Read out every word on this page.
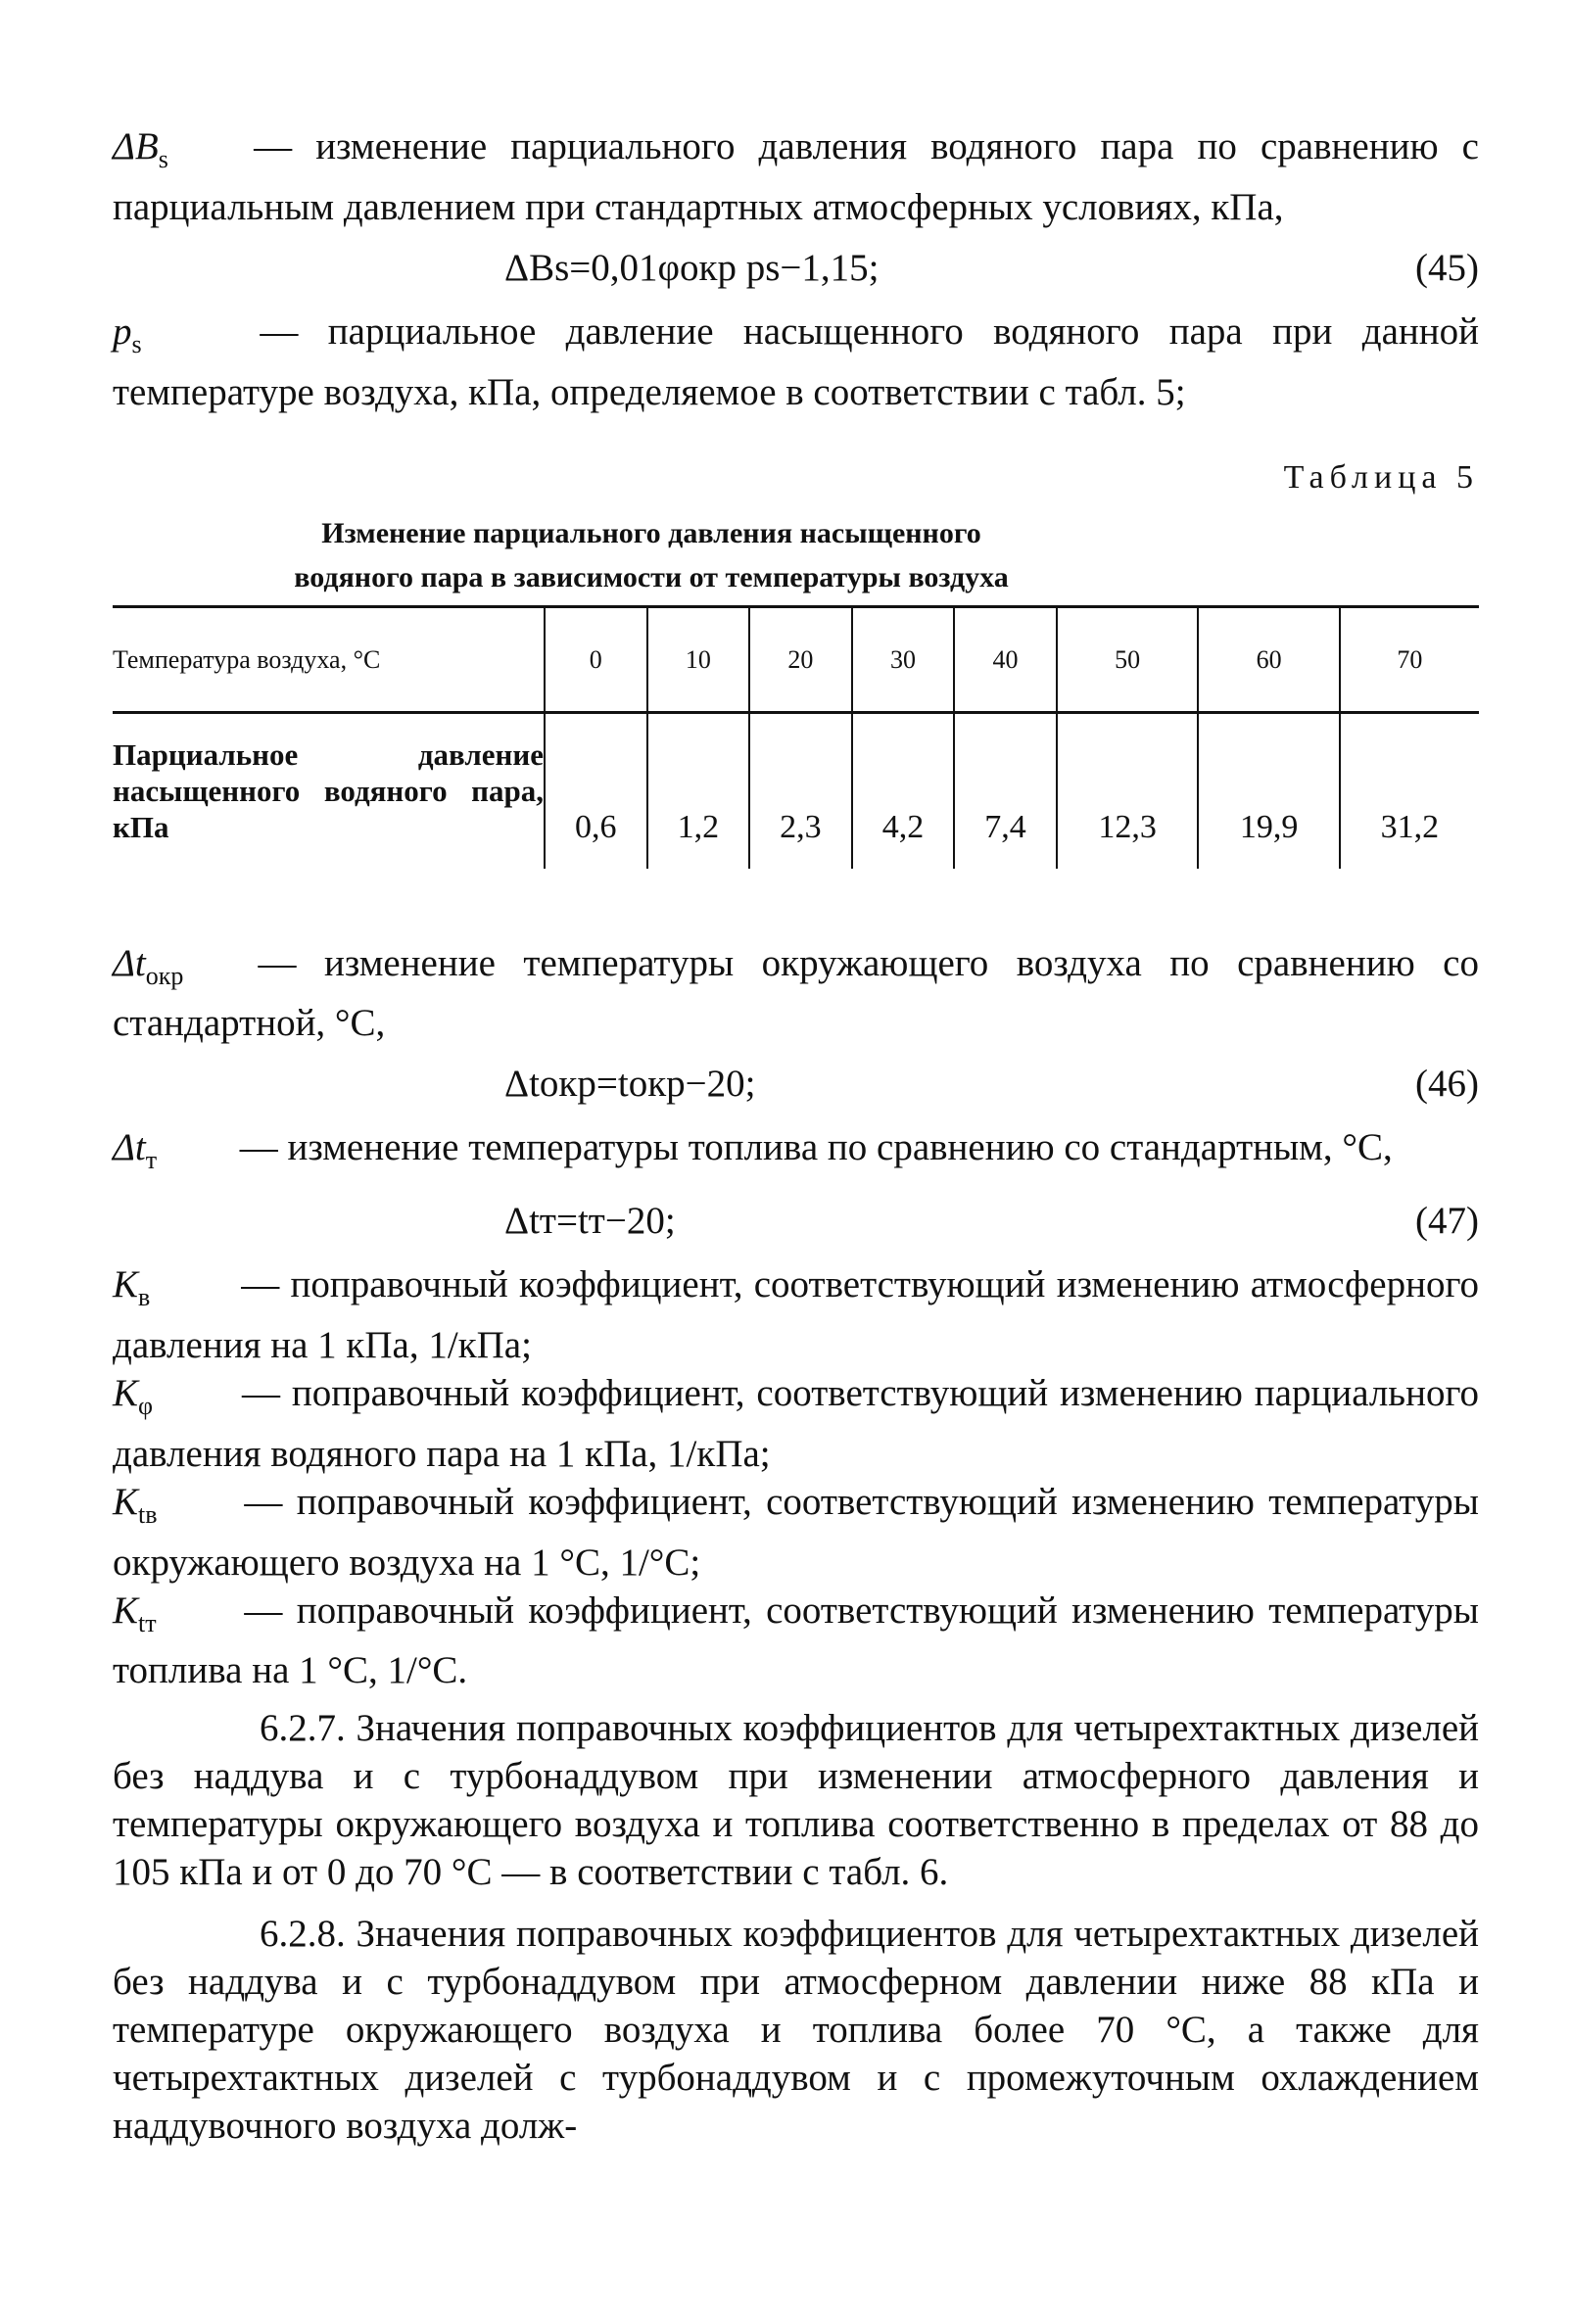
$\Delta B_s$ — изменение парциального давления водяного пара по сравнению с парциальным давлением при стандартных атмосферных условиях, кПа,

ΔBs=0,01φокр ps−1,15;	(45)

$p_s$	— парциальное давление насыщенного водяного пара при данной температуре воздуха, кПа, определяемое в соответствии с табл. 5;

Таблица 5
Изменение парциального давления насыщенного
водяного пара в зависимости от температуры воздуха
Температура воздуха, °С	0	10	20	30	40	50	60	70
Парциальное давление насыщенного водяного пара, кПа	0,6	1,2	2,3	4,2	7,4	12,3	19,9	31,2

$\Delta t_{окр}$ — изменение температуры окружающего воздуха по сравнению со стандартной, °С,

Δtокр=tокр−20;	(46)

$\Delta t_т$ — изменение температуры топлива по сравнению со стандартным, °С,

Δtт=tт−20;	(47)

$K_в$ — поправочный коэффициент, соответствующий изменению атмосферного давления на 1 кПа, 1/кПа;

$K_\varphi$ — поправочный коэффициент, соответствующий изменению парциального давления водяного пара на 1 кПа, 1/кПа;

$K_{tв}$ — поправочный коэффициент, соответствующий изменению температуры окружающего воздуха на 1 °С, 1/°С;

$K_{tт}$ — поправочный коэффициент, соответствующий изменению температуры топлива на 1 °С, 1/°С.

6.2.7. Значения поправочных коэффициентов для четырехтактных дизелей без наддува и с турбонаддувом при изменении атмосферного давления и температуры окружающего воздуха и топлива соответственно в пределах от 88 до 105 кПа и от 0 до 70 °С — в соответствии с табл. 6.

6.2.8. Значения поправочных коэффициентов для четырехтактных дизелей без наддува и с турбонаддувом при атмосферном давлении ниже 88 кПа и температуре окружающего воздуха и топлива более 70 °С, а также для четырехтактных дизелей с турбонаддувом и с промежуточным охлаждением наддувочного воздуха долж-
